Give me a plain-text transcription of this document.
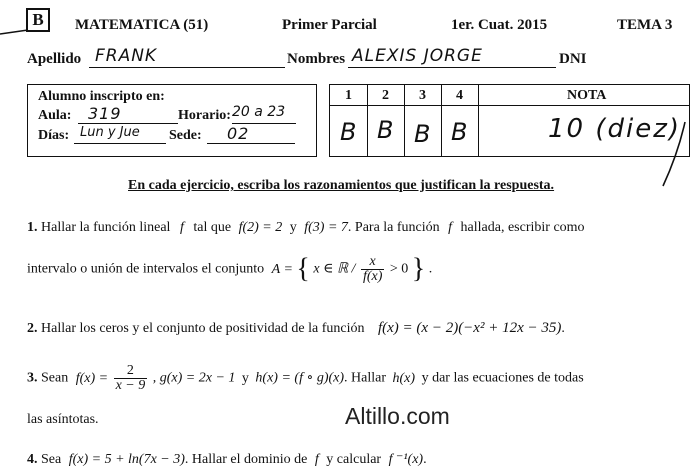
B	MATEMATICA (51)	Primer Parcial	1er. Cuat. 2015	TEMA 3
Apellido FRANK	Nombres ALEXIS JORGE	DNI
Alumno inscripto en:
Aula: 319	Horario: 20 a 23
Días: Lun y Jue Sede: 02
1 2 3 4	NOTA
B B B B	10 (diez)
En cada ejercicio, escriba los razonamientos que justifican la respuesta.
1. Hallar la función lineal f tal que f(2) = 2 y f(3) = 7. Para la función f hallada, escribir como
intervalo o unión de intervalos el conjunto A = { x ∈ ℝ / $\frac{x}{f(x)} > 0$ } .
2. Hallar los ceros y el conjunto de positividad de la función f(x) = (x − 2)(−x² + 12x − 35).
3. Sean $f(x) = \frac{2}{x - 9}$ , g(x) = 2x − 1 y h(x) = (f ∘ g)(x). Hallar h(x) y dar las ecuaciones de todas
las asíntotas.	Altillo.com
4. Sea f(x) = 5 + ln(7x − 3). Hallar el dominio de f y calcular f ⁻¹(x).
